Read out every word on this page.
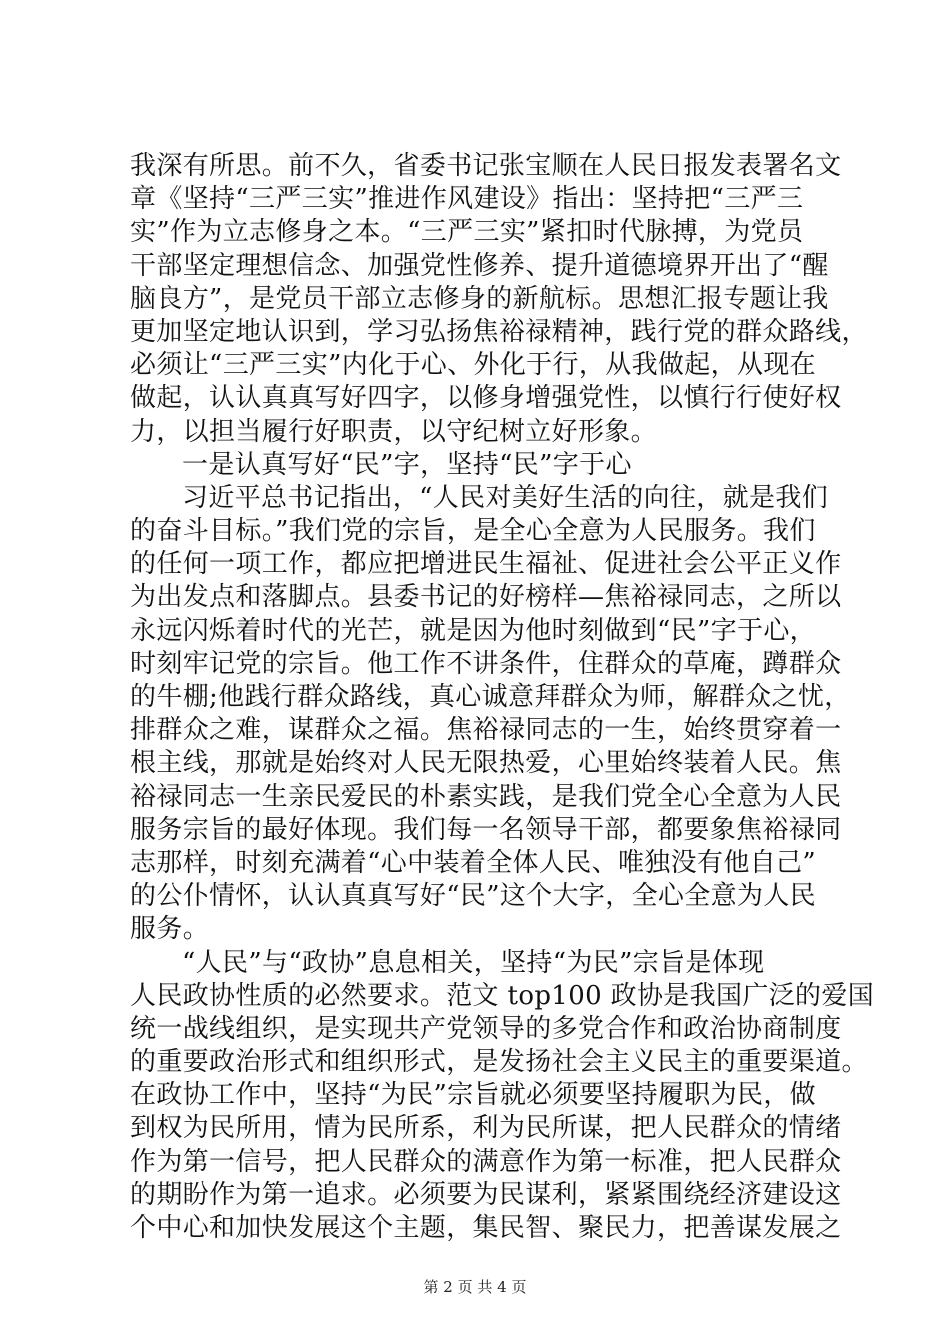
我深有所思。前不久，省委书记张宝顺在人民日报发表署名文
章《坚持“三严三实”推进作风建设》指出：坚持把“三严三
实”作为立志修身之本。“三严三实”紧扣时代脉搏，为党员
干部坚定理想信念、加强党性修养、提升道德境界开出了“醒
脑良方”，是党员干部立志修身的新航标。思想汇报专题让我
更加坚定地认识到，学习弘扬焦裕禄精神，践行党的群众路线，
必须让“三严三实”内化于心、外化于行，从我做起，从现在
做起，认认真真写好四字，以修身增强党性，以慎行行使好权
力，以担当履行好职责，以守纪树立好形象。
一是认真写好“民”字，坚持“民”字于心
习近平总书记指出，“人民对美好生活的向往，就是我们
的奋斗目标。”我们党的宗旨，是全心全意为人民服务。我们
的任何一项工作，都应把增进民生福祉、促进社会公平正义作
为出发点和落脚点。县委书记的好榜样—焦裕禄同志，之所以
永远闪烁着时代的光芒，就是因为他时刻做到“民”字于心，
时刻牢记党的宗旨。他工作不讲条件，住群众的草庵，蹲群众
的牛棚;他践行群众路线，真心诚意拜群众为师，解群众之忧，
排群众之难，谋群众之福。焦裕禄同志的一生，始终贯穿着一
根主线，那就是始终对人民无限热爱，心里始终装着人民。焦
裕禄同志一生亲民爱民的朴素实践，是我们党全心全意为人民
服务宗旨的最好体现。我们每一名领导干部，都要象焦裕禄同
志那样，时刻充满着“心中装着全体人民、唯独没有他自己”
的公仆情怀，认认真真写好“民”这个大字，全心全意为人民
服务。
“人民”与“政协”息息相关，坚持“为民”宗旨是体现
人民政协性质的必然要求。范文 top100 政协是我国广泛的爱国
统一战线组织，是实现共产党领导的多党合作和政治协商制度
的重要政治形式和组织形式，是发扬社会主义民主的重要渠道。
在政协工作中，坚持“为民”宗旨就必须要坚持履职为民，做
到权为民所用，情为民所系，利为民所谋，把人民群众的情绪
作为第一信号，把人民群众的满意作为第一标准，把人民群众
的期盼作为第一追求。必须要为民谋利，紧紧围绕经济建设这
个中心和加快发展这个主题，集民智、聚民力，把善谋发展之
第 2 页 共 4 页
